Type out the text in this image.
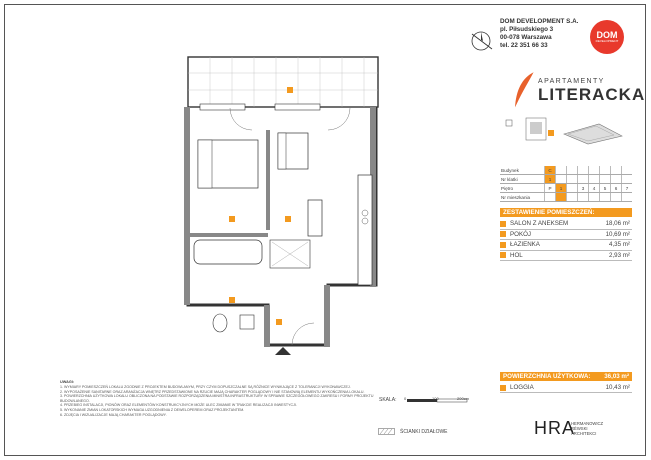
DOM DEVELOPMENT S.A.
pl. Piłsudskiego 3
00-078 Warszawa
tel. 22 351 66 33
DOM
DEVELOPMENT
APARTAMENTY
LITERACKA
Budynek	C							
Nr klatki	1							
Piętro	P	1		3	4	5	6	7
Nr mieszkania								
ZESTAWIENIE POMIESZCZEŃ:
SALON Z ANEKSEM	18,06 m²
POKÓJ	10,69 m²
ŁAZIENKA	4,35 m²
HOL	2,93 m²
POWIERZCHNIA UŻYTKOWA: 36,03 m²
LOGGIA	10,43 m²
UWAGI:
1. WYMIARY POMIESZCZEŃ LOKALU ZGODNIE Z PROJEKTEM BUDOWLANYM, PRZY CZYM DOPUSZCZALNE SĄ RÓŻNICE WYNIKAJĄCE Z TOLERANCJI WYKONAWCZEJ.
2. WYPOSAŻENIE SANITARNE ORAZ ARANŻACJA WNĘTRZ PRZEDSTAWIONE NA RZUCIE MAJĄ CHARAKTER POGLĄDOWY I NIE STANOWIĄ ELEMENTU WYKOŃCZENIA LOKALU.
3. POWIERZCHNIA UŻYTKOWA LOKALU OBLICZONA NA PODSTAWIE ROZPORZĄDZENIA MINISTRA INFRASTRUKTURY W SPRAWIE SZCZEGÓŁOWEGO ZAKRESU I FORMY PROJEKTU BUDOWLANEGO.
4. PRZEBIEG INSTALACJI, PIONÓW ORAZ ELEMENTÓW KONSTRUKCYJNYCH MOŻE ULEC ZMIANIE W TRAKCIE REALIZACJI INWESTYCJI.
5. WYKONANIE ZMIAN LOKATORSKICH WYMAGA UZGODNIENIA Z DEWELOPEREM ORAZ PROJEKTANTEM.
6. ZDJĘCIA I WIZUALIZACJE MAJĄ CHARAKTER POGLĄDOWY.
SKALA: 0	100	200cm
ŚCIANKI DZIAŁOWE	HRA
HERMANOWICZ
RÉWSKI
ARCHITEKCI
